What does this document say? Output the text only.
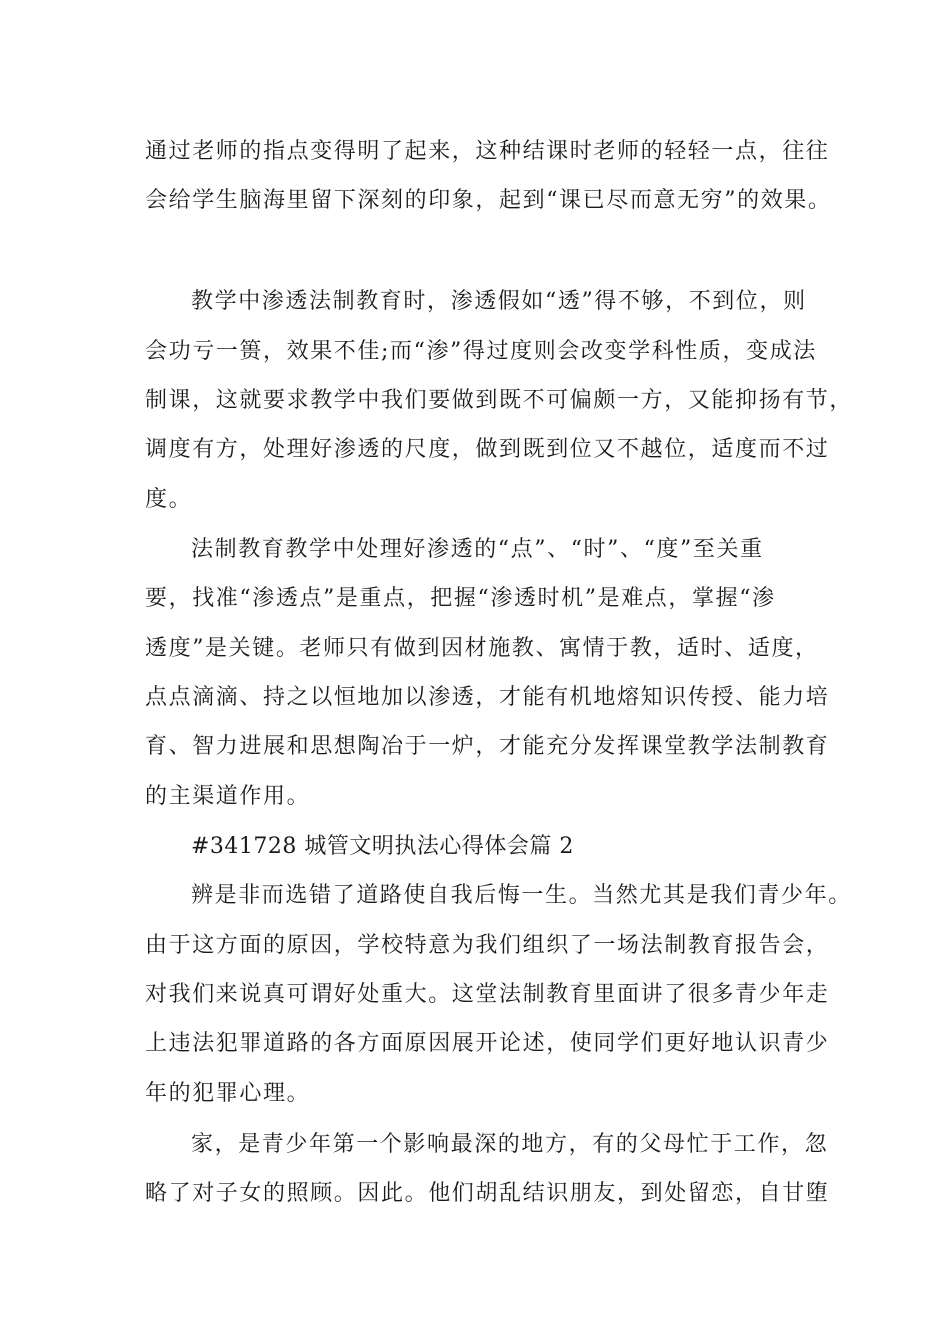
通过老师的指点变得明了起来，这种结课时老师的轻轻一点，往往
会给学生脑海里留下深刻的印象，起到“课已尽而意无穷”的效果。
教学中渗透法制教育时，渗透假如“透”得不够，不到位，则
会功亏一篑，效果不佳;而“渗”得过度则会改变学科性质，变成法
制课，这就要求教学中我们要做到既不可偏颇一方，又能抑扬有节，
调度有方，处理好渗透的尺度，做到既到位又不越位，适度而不过
度。
法制教育教学中处理好渗透的“点”、“时”、“度”至关重
要，找准“渗透点”是重点，把握“渗透时机”是难点，掌握“渗
透度”是关键。老师只有做到因材施教、寓情于教，适时、适度，
点点滴滴、持之以恒地加以渗透，才能有机地熔知识传授、能力培
育、智力进展和思想陶冶于一炉，才能充分发挥课堂教学法制教育
的主渠道作用。
#341728 城管文明执法心得体会篇 2
辨是非而选错了道路使自我后悔一生。当然尤其是我们青少年。
由于这方面的原因，学校特意为我们组织了一场法制教育报告会，
对我们来说真可谓好处重大。这堂法制教育里面讲了很多青少年走
上违法犯罪道路的各方面原因展开论述，使同学们更好地认识青少
年的犯罪心理。
家，是青少年第一个影响最深的地方，有的父母忙于工作，忽
略了对子女的照顾。因此。他们胡乱结识朋友，到处留恋，自甘堕
